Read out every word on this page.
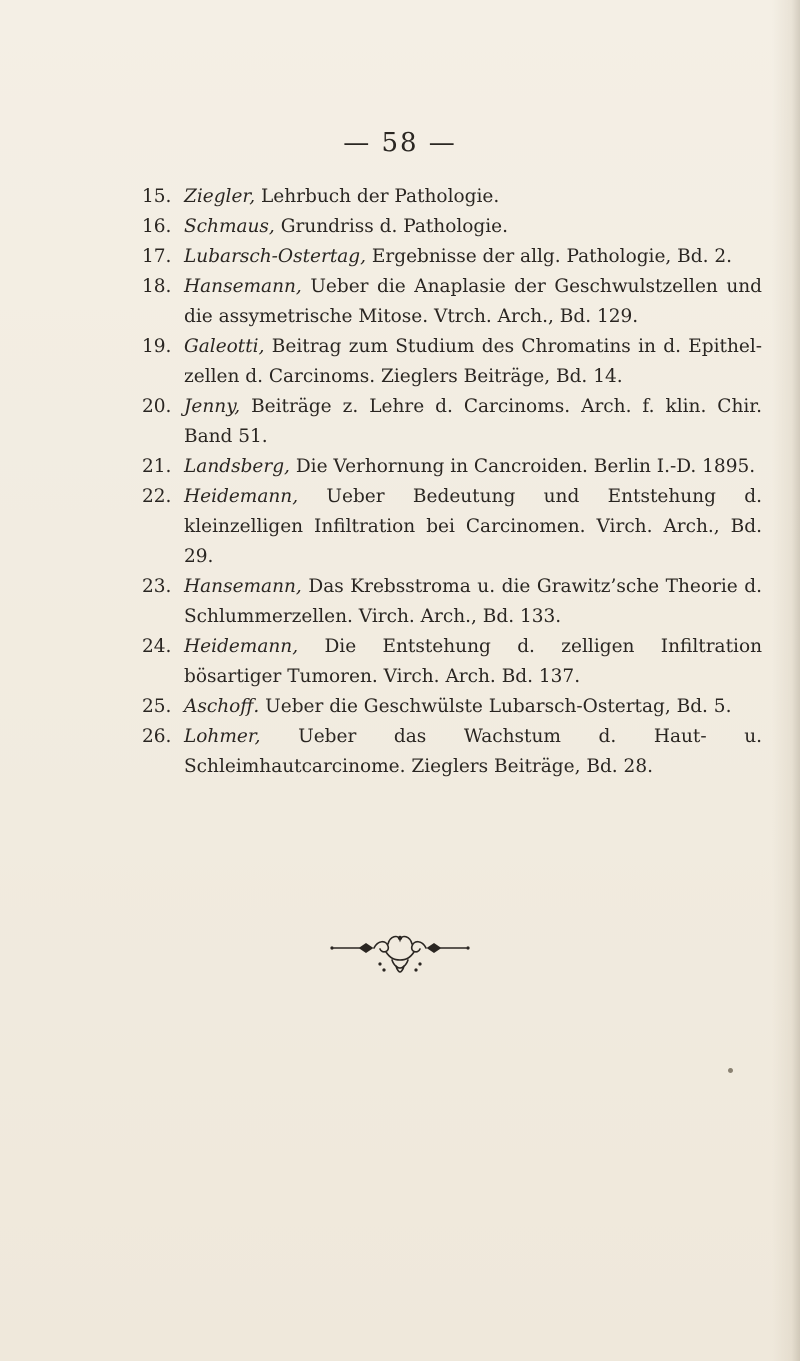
— 58 —
15. Ziegler, Lehrbuch der Pathologie.
16. Schmaus, Grundriss d. Pathologie.
17. Lubarsch-Ostertag, Ergebnisse der allg. Pathologie, Bd. 2.
18. Hansemann, Ueber die Anaplasie der Geschwulstzellen und die assymetrische Mitose. Vtrch. Arch., Bd. 129.
19. Galeotti, Beitrag zum Studium des Chromatins in d. Epithel-zellen d. Carcinoms. Zieglers Beiträge, Bd. 14.
20. Jenny, Beiträge z. Lehre d. Carcinoms. Arch. f. klin. Chir. Band 51.
21. Landsberg, Die Verhornung in Cancroiden. Berlin I.-D. 1895.
22. Heidemann, Ueber Bedeutung und Entstehung d. kleinzelligen Infiltration bei Carcinomen. Virch. Arch., Bd. 29.
23. Hansemann, Das Krebsstroma u. die Grawitz’sche Theorie d. Schlummerzellen. Virch. Arch., Bd. 133.
24. Heidemann, Die Entstehung d. zelligen Infiltration bösartiger Tumoren. Virch. Arch. Bd. 137.
25. Aschoff. Ueber die Geschwülste Lubarsch-Ostertag, Bd. 5.
26. Lohmer, Ueber das Wachstum d. Haut- u. Schleimhautcarcinome. Zieglers Beiträge, Bd. 28.
